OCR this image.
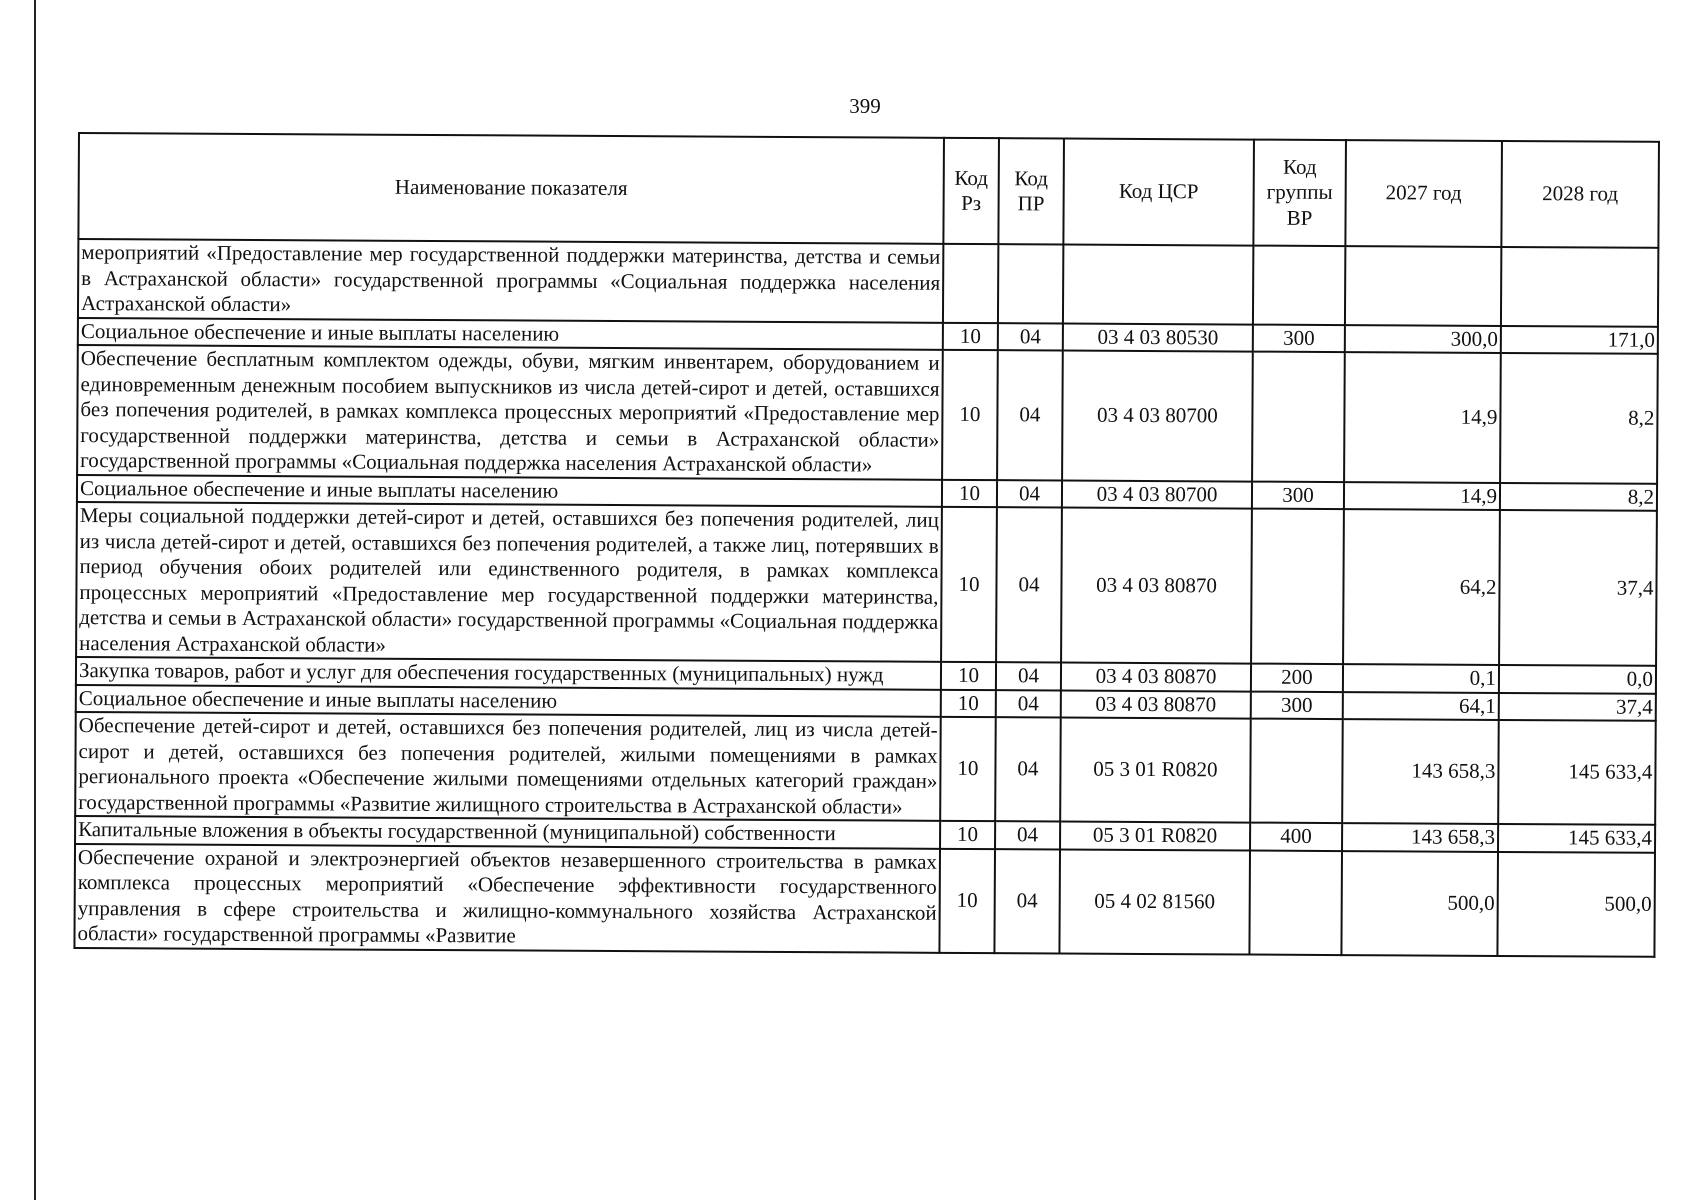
399
Наименование показателя	Код Рз	Код ПР	Код ЦСР	Код группы ВР	2027 год	2028 год
мероприятий «Предоставление мер государственной поддержки материнства, детства и семьи в Астраханской области» государственной программы «Социальная поддержка населения Астраханской области»						
Социальное обеспечение и иные выплаты населению	10	04	03 4 03 80530	300	300,0	171,0
Обеспечение бесплатным комплектом одежды, обуви, мягким инвентарем, оборудованием и единовременным денежным пособием выпускников из числа детей-сирот и детей, оставшихся без попечения родителей, в рамках комплекса процессных мероприятий «Предоставление мер государственной поддержки материнства, детства и семьи в Астраханской области» государственной программы «Социальная поддержка населения Астраханской области»	10	04	03 4 03 80700		14,9	8,2
Социальное обеспечение и иные выплаты населению	10	04	03 4 03 80700	300	14,9	8,2
Меры социальной поддержки детей-сирот и детей, оставшихся без попечения родителей, лиц из числа детей-сирот и детей, оставшихся без попечения родителей, а также лиц, потерявших в период обучения обоих родителей или единственного родителя, в рамках комплекса процессных мероприятий «Предоставление мер государственной поддержки материнства, детства и семьи в Астраханской области» государственной программы «Социальная поддержка населения Астраханской области»	10	04	03 4 03 80870		64,2	37,4
Закупка товаров, работ и услуг для обеспечения государственных (муниципальных) нужд	10	04	03 4 03 80870	200	0,1	0,0
Социальное обеспечение и иные выплаты населению	10	04	03 4 03 80870	300	64,1	37,4
Обеспечение детей-сирот и детей, оставшихся без попечения родителей, лиц из числа детей-сирот и детей, оставшихся без попечения родителей, жилыми помещениями в рамках регионального проекта «Обеспечение жилыми помещениями отдельных категорий граждан» государственной программы «Развитие жилищного строительства в Астраханской области»	10	04	05 3 01 R0820		143 658,3	145 633,4
Капитальные вложения в объекты государственной (муниципальной) собственности	10	04	05 3 01 R0820	400	143 658,3	145 633,4
Обеспечение охраной и электроэнергией объектов незавершенного строительства в рамках комплекса процессных мероприятий «Обеспечение эффективности государственного управления в сфере строительства и жилищно-коммунального хозяйства Астраханской области» государственной программы «Развитие	10	04	05 4 02 81560		500,0	500,0
